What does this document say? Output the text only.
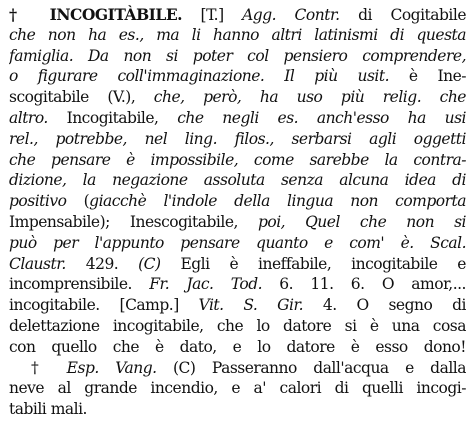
† INCOGITÀBILE. [T.] Agg. Contr. di Cogitabile
che non ha es., ma li hanno altri latinismi di questa
famiglia. Da non si poter col pensiero comprendere,
o figurare coll'immaginazione. Il più usit. è Ine-
scogitabile (V.), che, però, ha uso più relig. che
altro. Incogitabile, che negli es. anch'esso ha usi
rel., potrebbe, nel ling. filos., serbarsi agli oggetti
che pensare è impossibile, come sarebbe la contra-
dizione, la negazione assoluta senza alcuna idea di
positivo (giacchè l'indole della lingua non comporta
Impensabile); Inescogitabile, poi, Quel che non si
può per l'appunto pensare quanto e com' è. Scal.
Claustr. 429. (C) Egli è ineffabile, incogitabile e
incomprensibile. Fr. Jac. Tod. 6. 11. 6. O amor,...
incogitabile. [Camp.] Vit. S. Gir. 4. O segno di
delettazione incogitabile, che lo datore si è una cosa
con quello che è dato, e lo datore è esso dono!
† Esp. Vang. (C) Passeranno dall'acqua e dalla
neve al grande incendio, e a' calori di quelli incogi-
tabili mali.
